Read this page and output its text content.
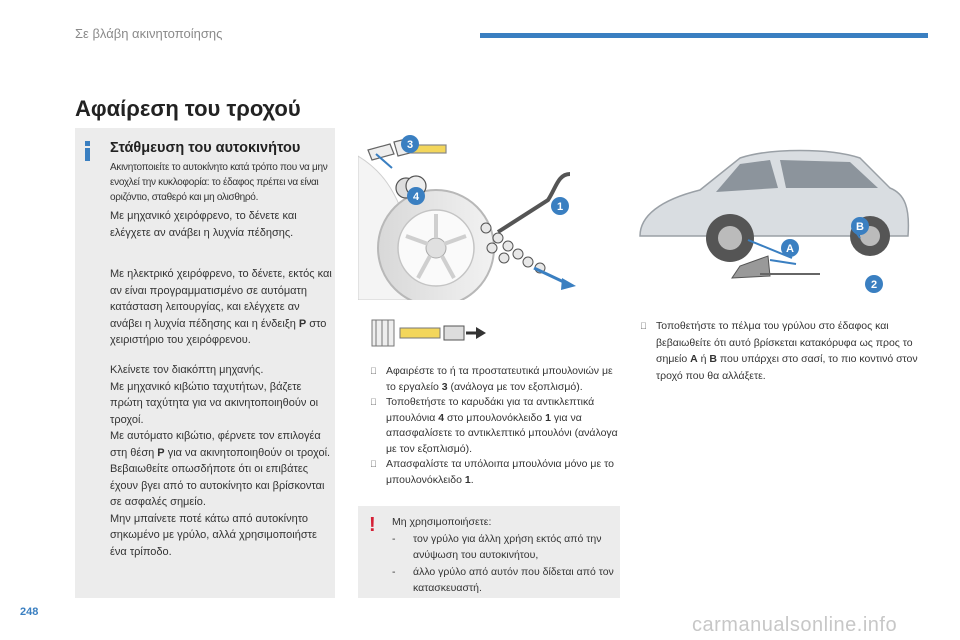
Σε βλάβη ακινητοποίησης
Αφαίρεση του τροχού
Στάθμευση του αυτοκινήτου
Ακινητοποιείτε το αυτοκίνητο κατά τρόπο που να μην ενοχλεί την κυκλοφορία: το έδαφος πρέπει να είναι οριζόντιο, σταθερό και μη ολισθηρό.
Με μηχανικό χειρόφρενο, το δένετε και ελέγχετε αν ανάβει η λυχνία πέδησης.
Με ηλεκτρικό χειρόφρενο, το δένετε, εκτός και αν είναι προγραμματισμένο σε αυτόματη κατάσταση λειτουργίας, και ελέγχετε αν ανάβει η λυχνία πέδησης και η ένδειξη P στο χειριστήριο του χειρόφρενου.
Κλείνετε τον διακόπτη μηχανής.
Με μηχανικό κιβώτιο ταχυτήτων, βάζετε πρώτη ταχύτητα για να ακινητοποιηθούν οι τροχοί.
Με αυτόματο κιβώτιο, φέρνετε τον επιλογέα στη θέση P για να ακινητοποιηθούν οι τροχοί.
Βεβαιωθείτε οπωσδήποτε ότι οι επιβάτες έχουν βγει από το αυτοκίνητο και βρίσκονται σε ασφαλές σημείο.
Μην μπαίνετε ποτέ κάτω από αυτοκίνητο σηκωμένο με γρύλο, αλλά χρησιμοποιήστε ένα τρίποδο.
3
4
1
A
B
2
Αφαιρέστε το ή τα προστατευτικά μπουλονιών με το εργαλείο 3 (ανάλογα με τον εξοπλισμό).
Τοποθετήστε το καρυδάκι για τα αντικλεπτικά μπουλόνια 4 στο μπουλονόκλειδο 1 για να απασφαλίσετε το αντικλεπτικό μπουλόνι (ανάλογα με τον εξοπλισμό).
Απασφαλίστε τα υπόλοιπα μπουλόνια μόνο με το μπουλονόκλειδο 1.
! Μη χρησιμοποιήσετε:
- τον γρύλο για άλλη χρήση εκτός από την ανύψωση του αυτοκινήτου,
- άλλο γρύλο από αυτόν που δίδεται από τον κατασκευαστή.
Τοποθετήστε το πέλμα του γρύλου στο έδαφος και βεβαιωθείτε ότι αυτό βρίσκεται κατακόρυφα ως προς το σημείο A ή B που υπάρχει στο σασί, το πιο κοντινό στον τροχό που θα αλλάξετε.
248
carmanualsonline.info
